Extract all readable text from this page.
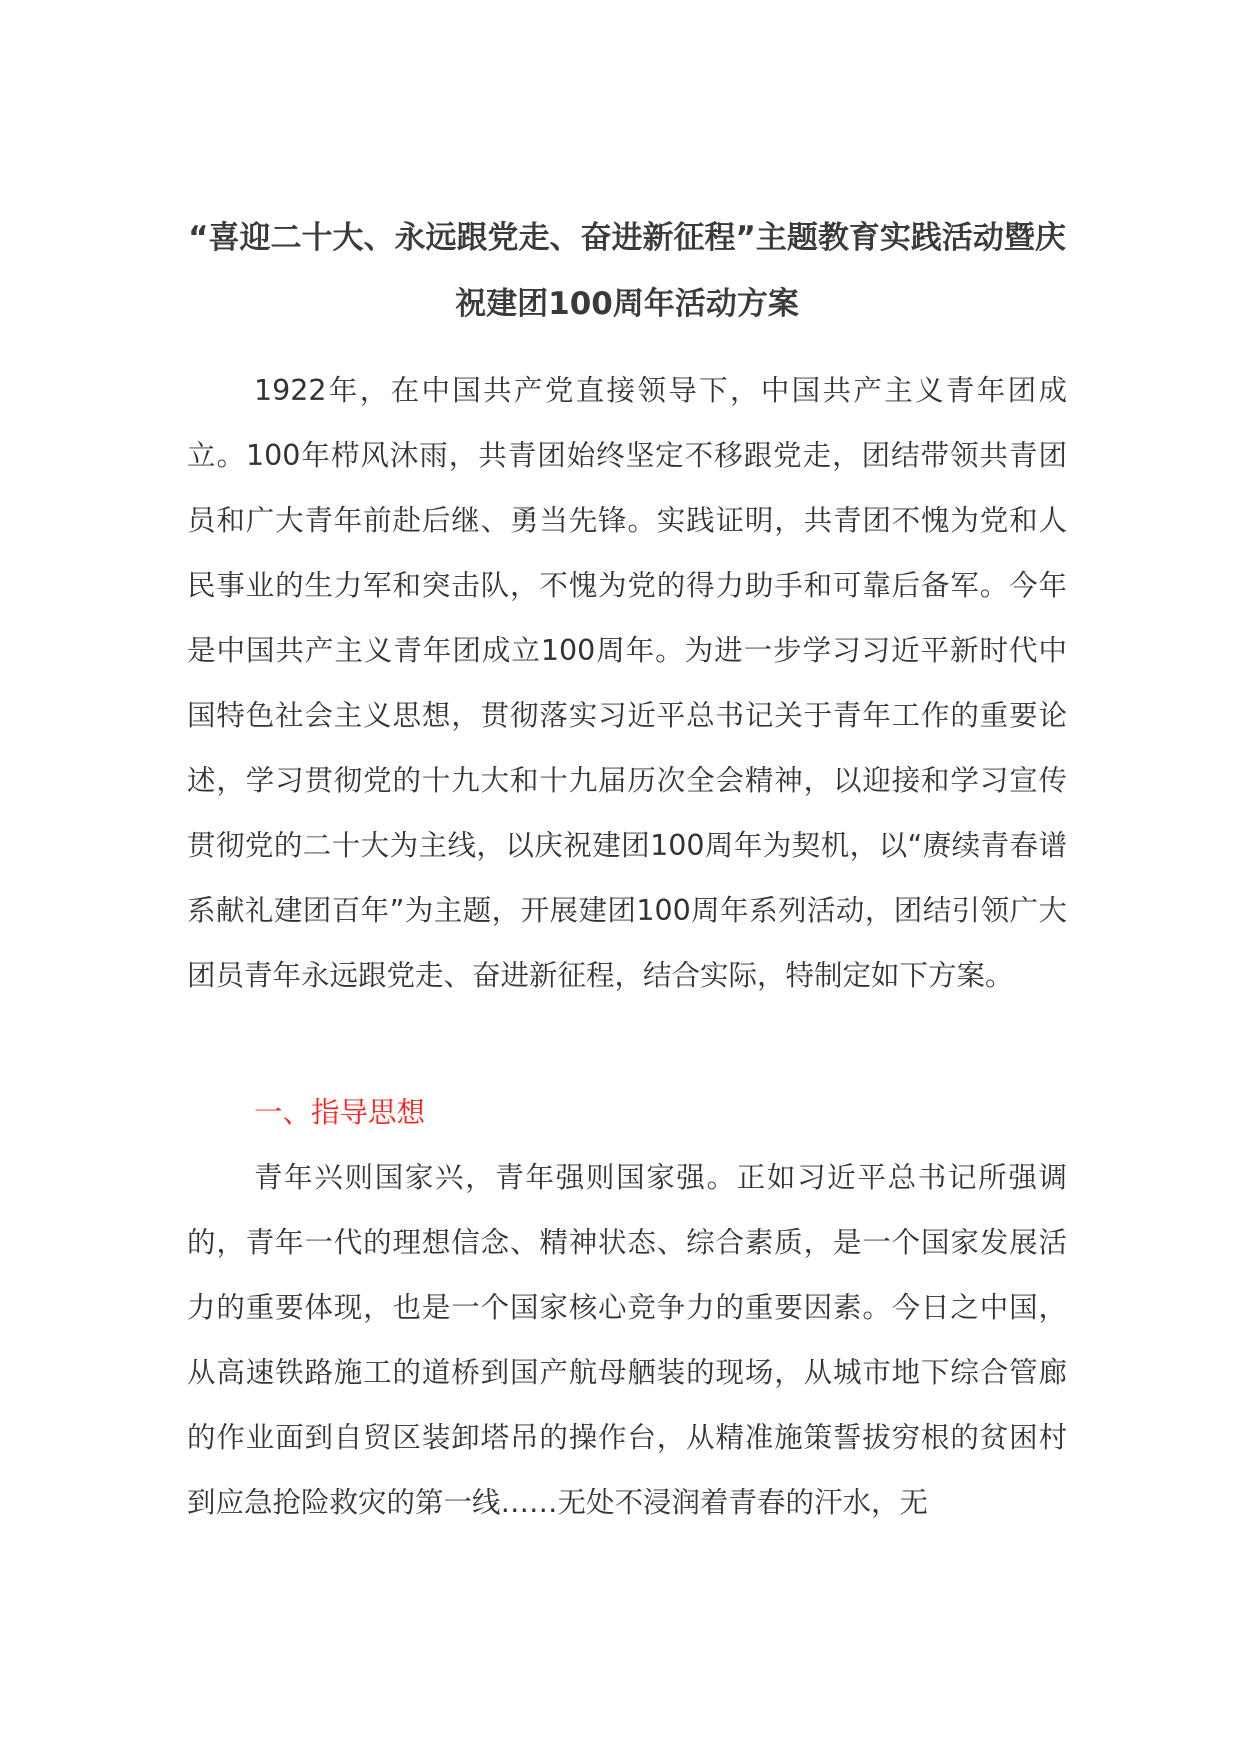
“喜迎二十大、永远跟党走、奋进新征程”主题教育实践活动暨庆祝建团100周年活动方案

1922年，在中国共产党直接领导下，中国共产主义青年团成立。100年栉风沐雨，共青团始终坚定不移跟党走，团结带领共青团员和广大青年前赴后继、勇当先锋。实践证明，共青团不愧为党和人民事业的生力军和突击队，不愧为党的得力助手和可靠后备军。今年是中国共产主义青年团成立100周年。为进一步学习习近平新时代中国特色社会主义思想，贯彻落实习近平总书记关于青年工作的重要论述，学习贯彻党的十九大和十九届历次全会精神，以迎接和学习宣传贯彻党的二十大为主线，以庆祝建团100周年为契机，以“赓续青春谱系献礼建团百年”为主题，开展建团100周年系列活动，团结引领广大团员青年永远跟党走、奋进新征程，结合实际，特制定如下方案。

一、指导思想

青年兴则国家兴，青年强则国家强。正如习近平总书记所强调的，青年一代的理想信念、精神状态、综合素质，是一个国家发展活力的重要体现，也是一个国家核心竞争力的重要因素。今日之中国，从高速铁路施工的道桥到国产航母舾装的现场，从城市地下综合管廊的作业面到自贸区装卸塔吊的操作台，从精准施策誓拔穷根的贫困村到应急抢险救灾的第一线……无处不浸润着青春的汗水，无
